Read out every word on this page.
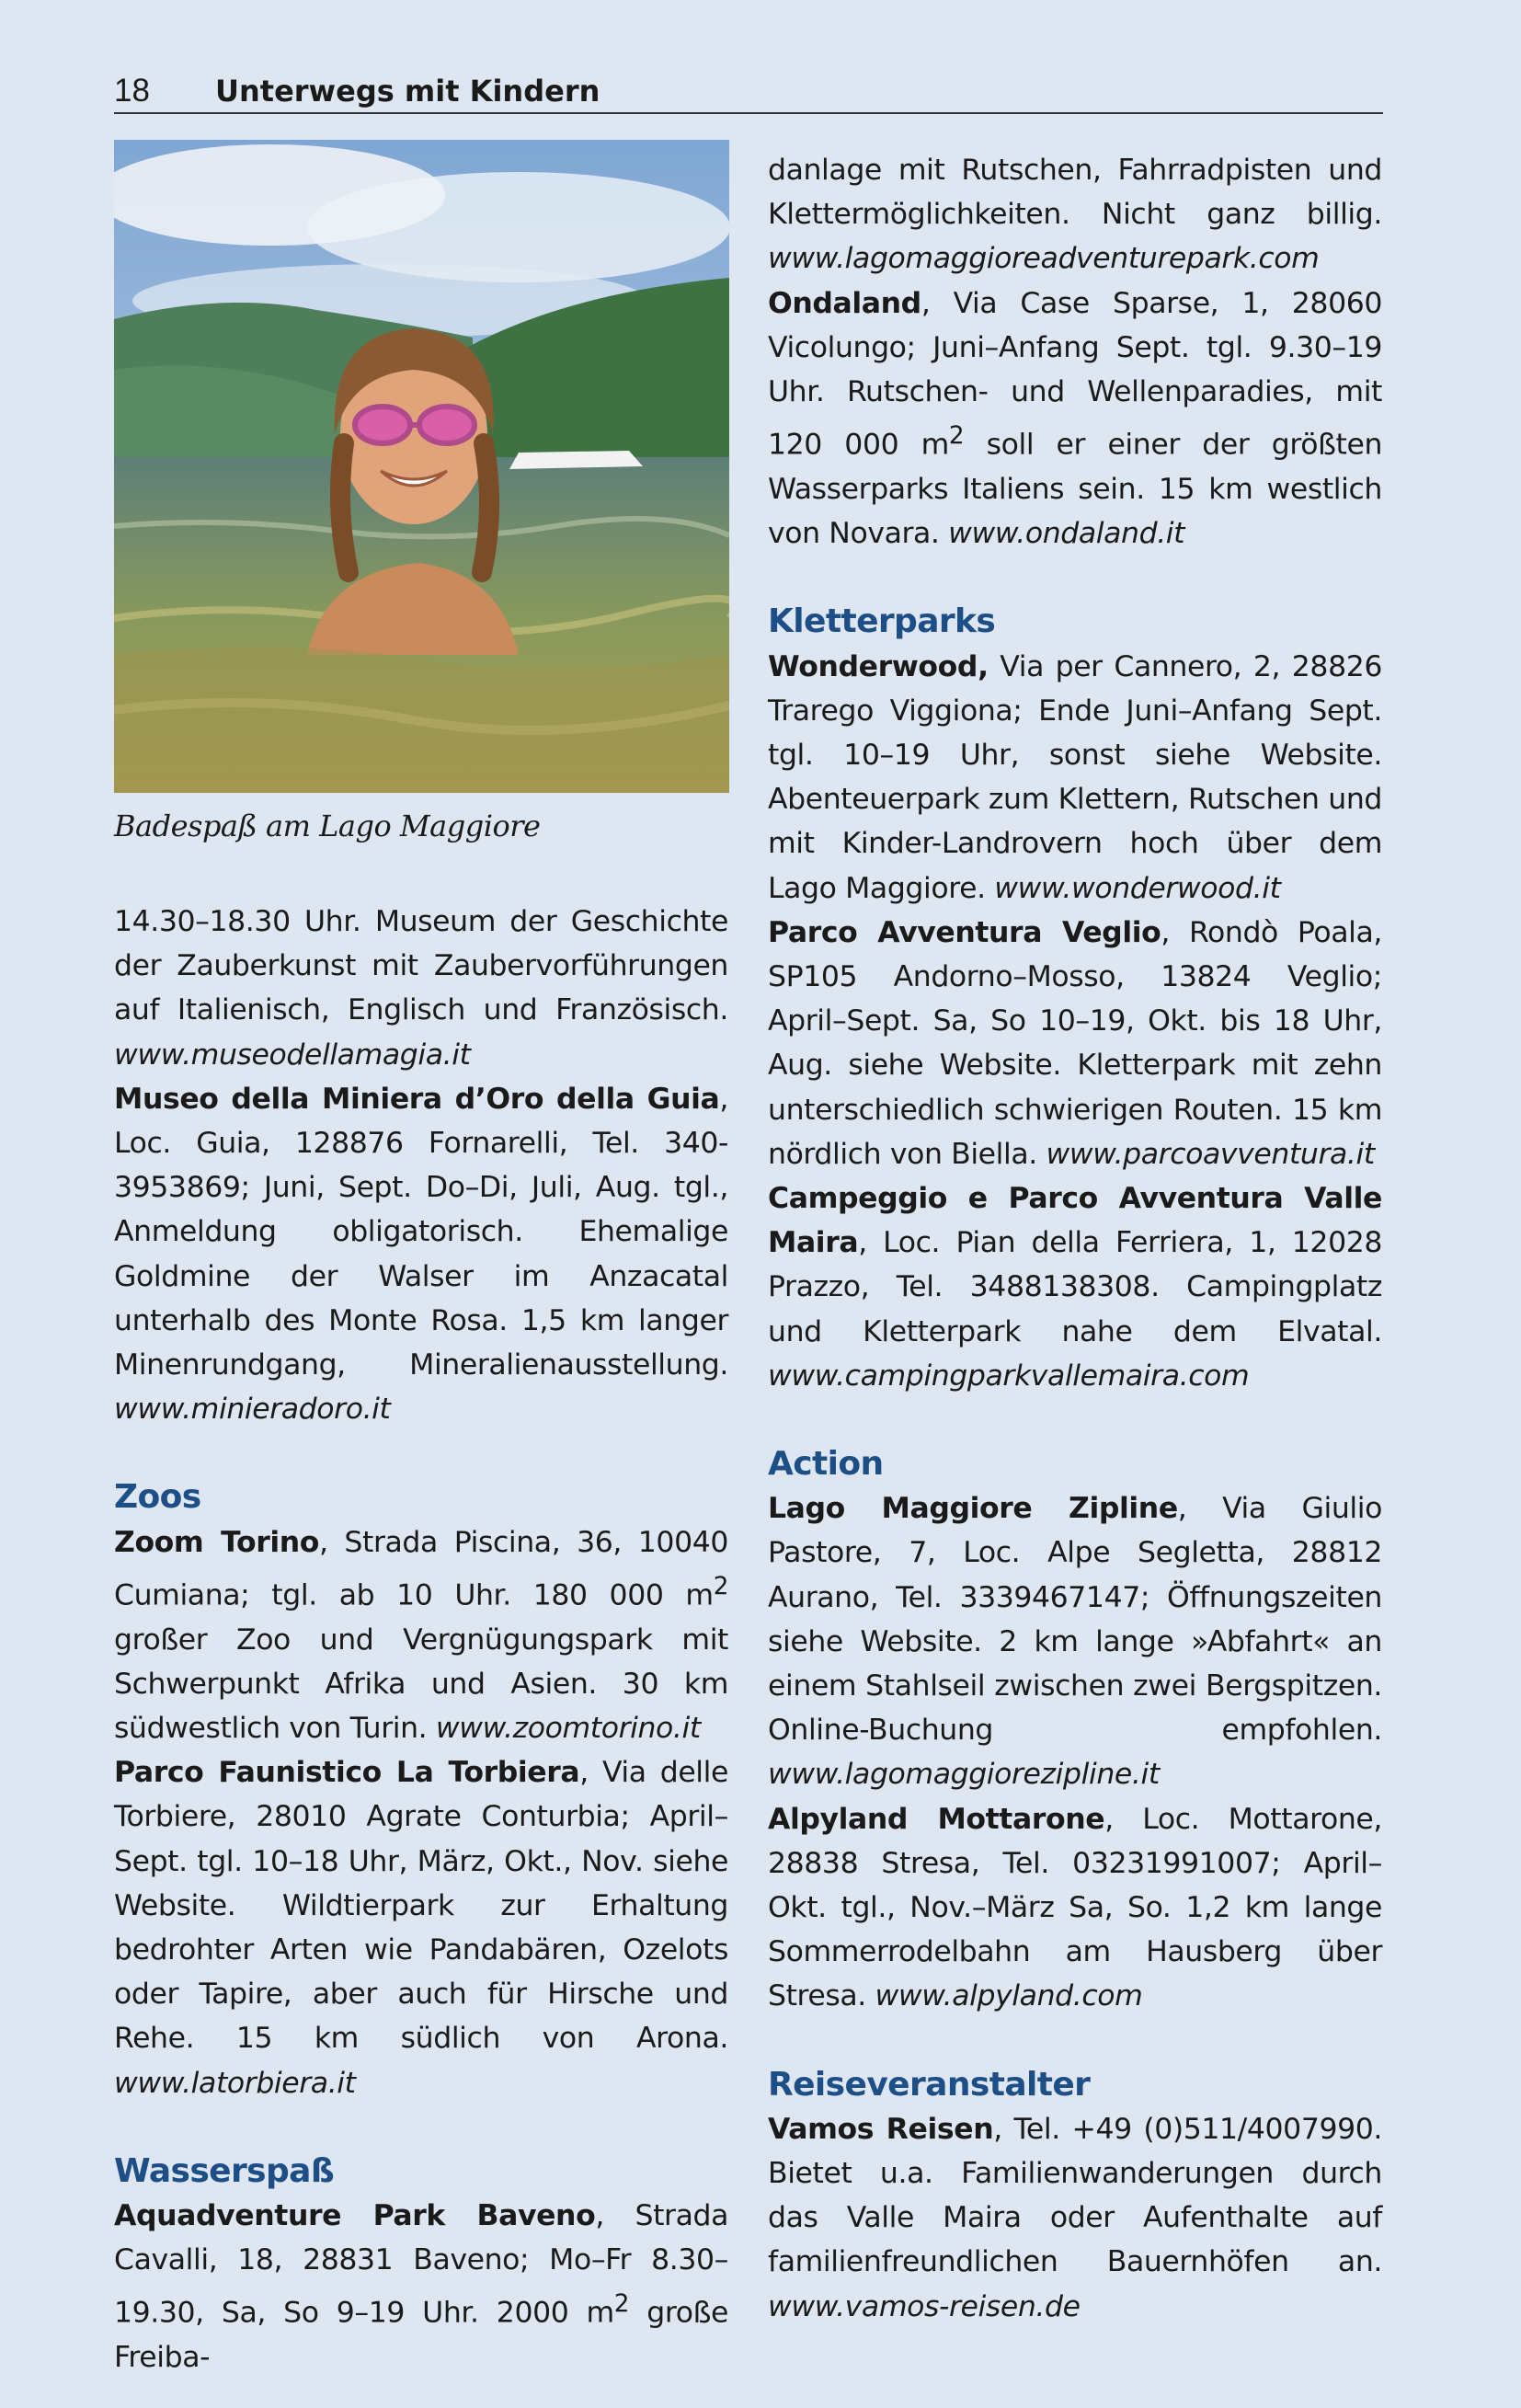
18 Unterwegs mit Kindern
Badespaß am Lago Maggiore

14.30–18.30 Uhr. Museum der Geschichte der Zauberkunst mit Zaubervorführungen auf Italienisch, Englisch und Französisch. www.museodellamagia.it

Museo della Miniera d’Oro della Guia, Loc. Guia, 128876 Fornarelli, Tel. 340-3953869; Juni, Sept. Do–Di, Juli, Aug. tgl., Anmeldung obligatorisch. Ehemalige Goldmine der Walser im Anzacatal unterhalb des Monte Rosa. 1,5 km langer Minenrundgang, Mineralienausstellung. www.minieradoro.it

Zoos

Zoom Torino, Strada Piscina, 36, 10040 Cumiana; tgl. ab 10 Uhr. 180 000 $m^2$ großer Zoo und Vergnügungspark mit Schwerpunkt Afrika und Asien. 30 km südwestlich von Turin. www.zoomtorino.it

Parco Faunistico La Torbiera, Via delle Torbiere, 28010 Agrate Conturbia; April–Sept. tgl. 10–18 Uhr, März, Okt., Nov. siehe Website. Wildtierpark zur Erhaltung bedrohter Arten wie Pandabären, Ozelots oder Tapire, aber auch für Hirsche und Rehe. 15 km südlich von Arona. www.latorbiera.it

Wasserspaß

Aquadventure Park Baveno, Strada Cavalli, 18, 28831 Baveno; Mo–Fr 8.30–19.30, Sa, So 9–19 Uhr. 2000 $m^2$ große Freiba-

danlage mit Rutschen, Fahrradpisten und Klettermöglichkeiten. Nicht ganz billig. www.lagomaggioreadventurepark.com

Ondaland, Via Case Sparse, 1, 28060 Vicolungo; Juni–Anfang Sept. tgl. 9.30–19 Uhr. Rutschen- und Wellenparadies, mit 120 000 $m^2$ soll er einer der größten Wasserparks Italiens sein. 15 km westlich von Novara. www.ondaland.it

Kletterparks

Wonderwood, Via per Cannero, 2, 28826 Trarego Viggiona; Ende Juni–Anfang Sept. tgl. 10–19 Uhr, sonst siehe Website. Abenteuerpark zum Klettern, Rutschen und mit Kinder-Landrovern hoch über dem Lago Maggiore. www.wonderwood.it

Parco Avventura Veglio, Rondò Poala, SP105 Andorno–Mosso, 13824 Veglio; April–Sept. Sa, So 10–19, Okt. bis 18 Uhr, Aug. siehe Website. Kletterpark mit zehn unterschiedlich schwierigen Routen. 15 km nördlich von Biella. www.parcoavventura.it

Campeggio e Parco Avventura Valle Maira, Loc. Pian della Ferriera, 1, 12028 Prazzo, Tel. 3488138308. Campingplatz und Kletterpark nahe dem Elvatal. www.campingparkvallemaira.com

Action

Lago Maggiore Zipline, Via Giulio Pastore, 7, Loc. Alpe Segletta, 28812 Aurano, Tel. 3339467147; Öffnungszeiten siehe Website. 2 km lange »Abfahrt« an einem Stahlseil zwischen zwei Bergspitzen. Online-Buchung empfohlen. www.lagomaggiorezipline.it

Alpyland Mottarone, Loc. Mottarone, 28838 Stresa, Tel. 03231991007; April–Okt. tgl., Nov.–März Sa, So. 1,2 km lange Sommerrodelbahn am Hausberg über Stresa. www.alpyland.com

Reiseveranstalter

Vamos Reisen, Tel. +49 (0)511/4007990. Bietet u.a. Familienwanderungen durch das Valle Maira oder Aufenthalte auf familienfreundlichen Bauernhöfen an. www.vamos-reisen.de
